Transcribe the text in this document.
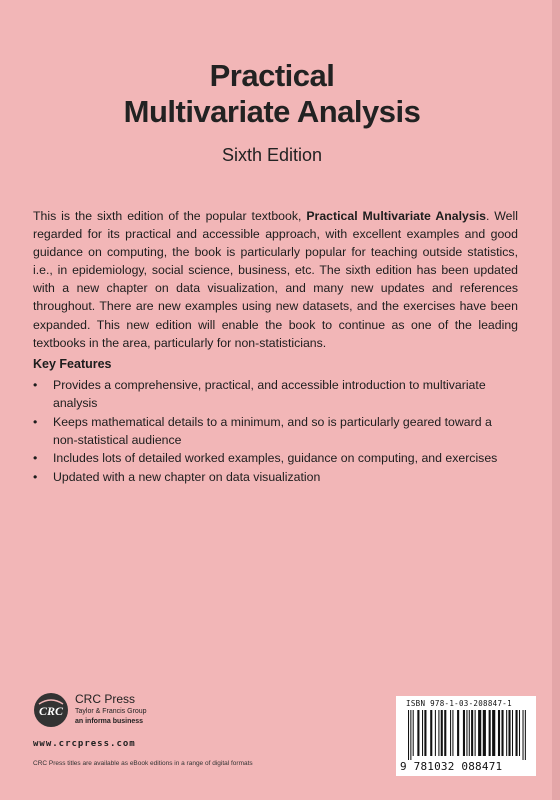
Practical
Multivariate Analysis
Sixth Edition
This is the sixth edition of the popular textbook, Practical Multivariate Analysis. Well regarded for its practical and accessible approach, with excellent examples and good guidance on computing, the book is particularly popular for teaching outside statistics, i.e., in epidemiology, social science, business, etc. The sixth edition has been updated with a new chapter on data visualization, and many new updates and references throughout. There are new examples using new datasets, and the exercises have been expanded. This new edition will enable the book to continue as one of the leading textbooks in the area, particularly for non-statisticians.
Key Features
• Provides a comprehensive, practical, and accessible introduction to multivariate analysis
• Keeps mathematical details to a minimum, and so is particularly geared toward a non-statistical audience
• Includes lots of detailed worked examples, guidance on computing, and exercises
• Updated with a new chapter on data visualization
CRC
CRC Press
Taylor & Francis Group
an informa business
www.crcpress.com
CRC Press titles are available as eBook editions in a range of digital formats
ISBN 978-1-03-208847-1
9 781032 088471
